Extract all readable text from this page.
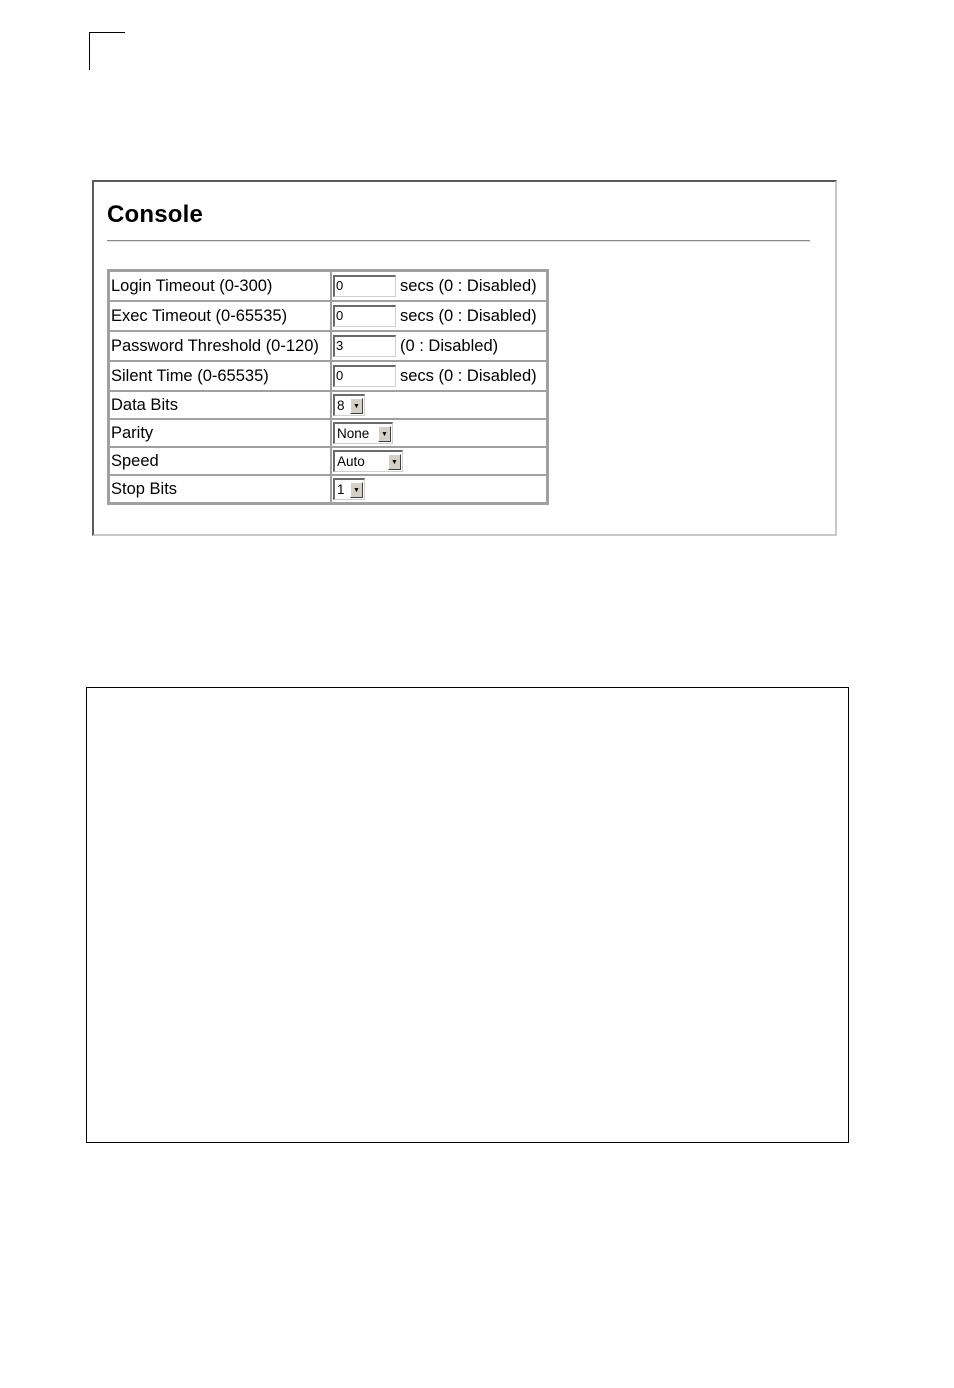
Console
Login Timeout (0-300)	0 secs (0 : Disabled)
Exec Timeout (0-65535)	0 secs (0 : Disabled)
Password Threshold (0-120)	3 (0 : Disabled)
Silent Time (0-65535)	0 secs (0 : Disabled)
Data Bits	8 ▼

Parity	None ▼

Speed	Auto ▼

Stop Bits	1 ▼
